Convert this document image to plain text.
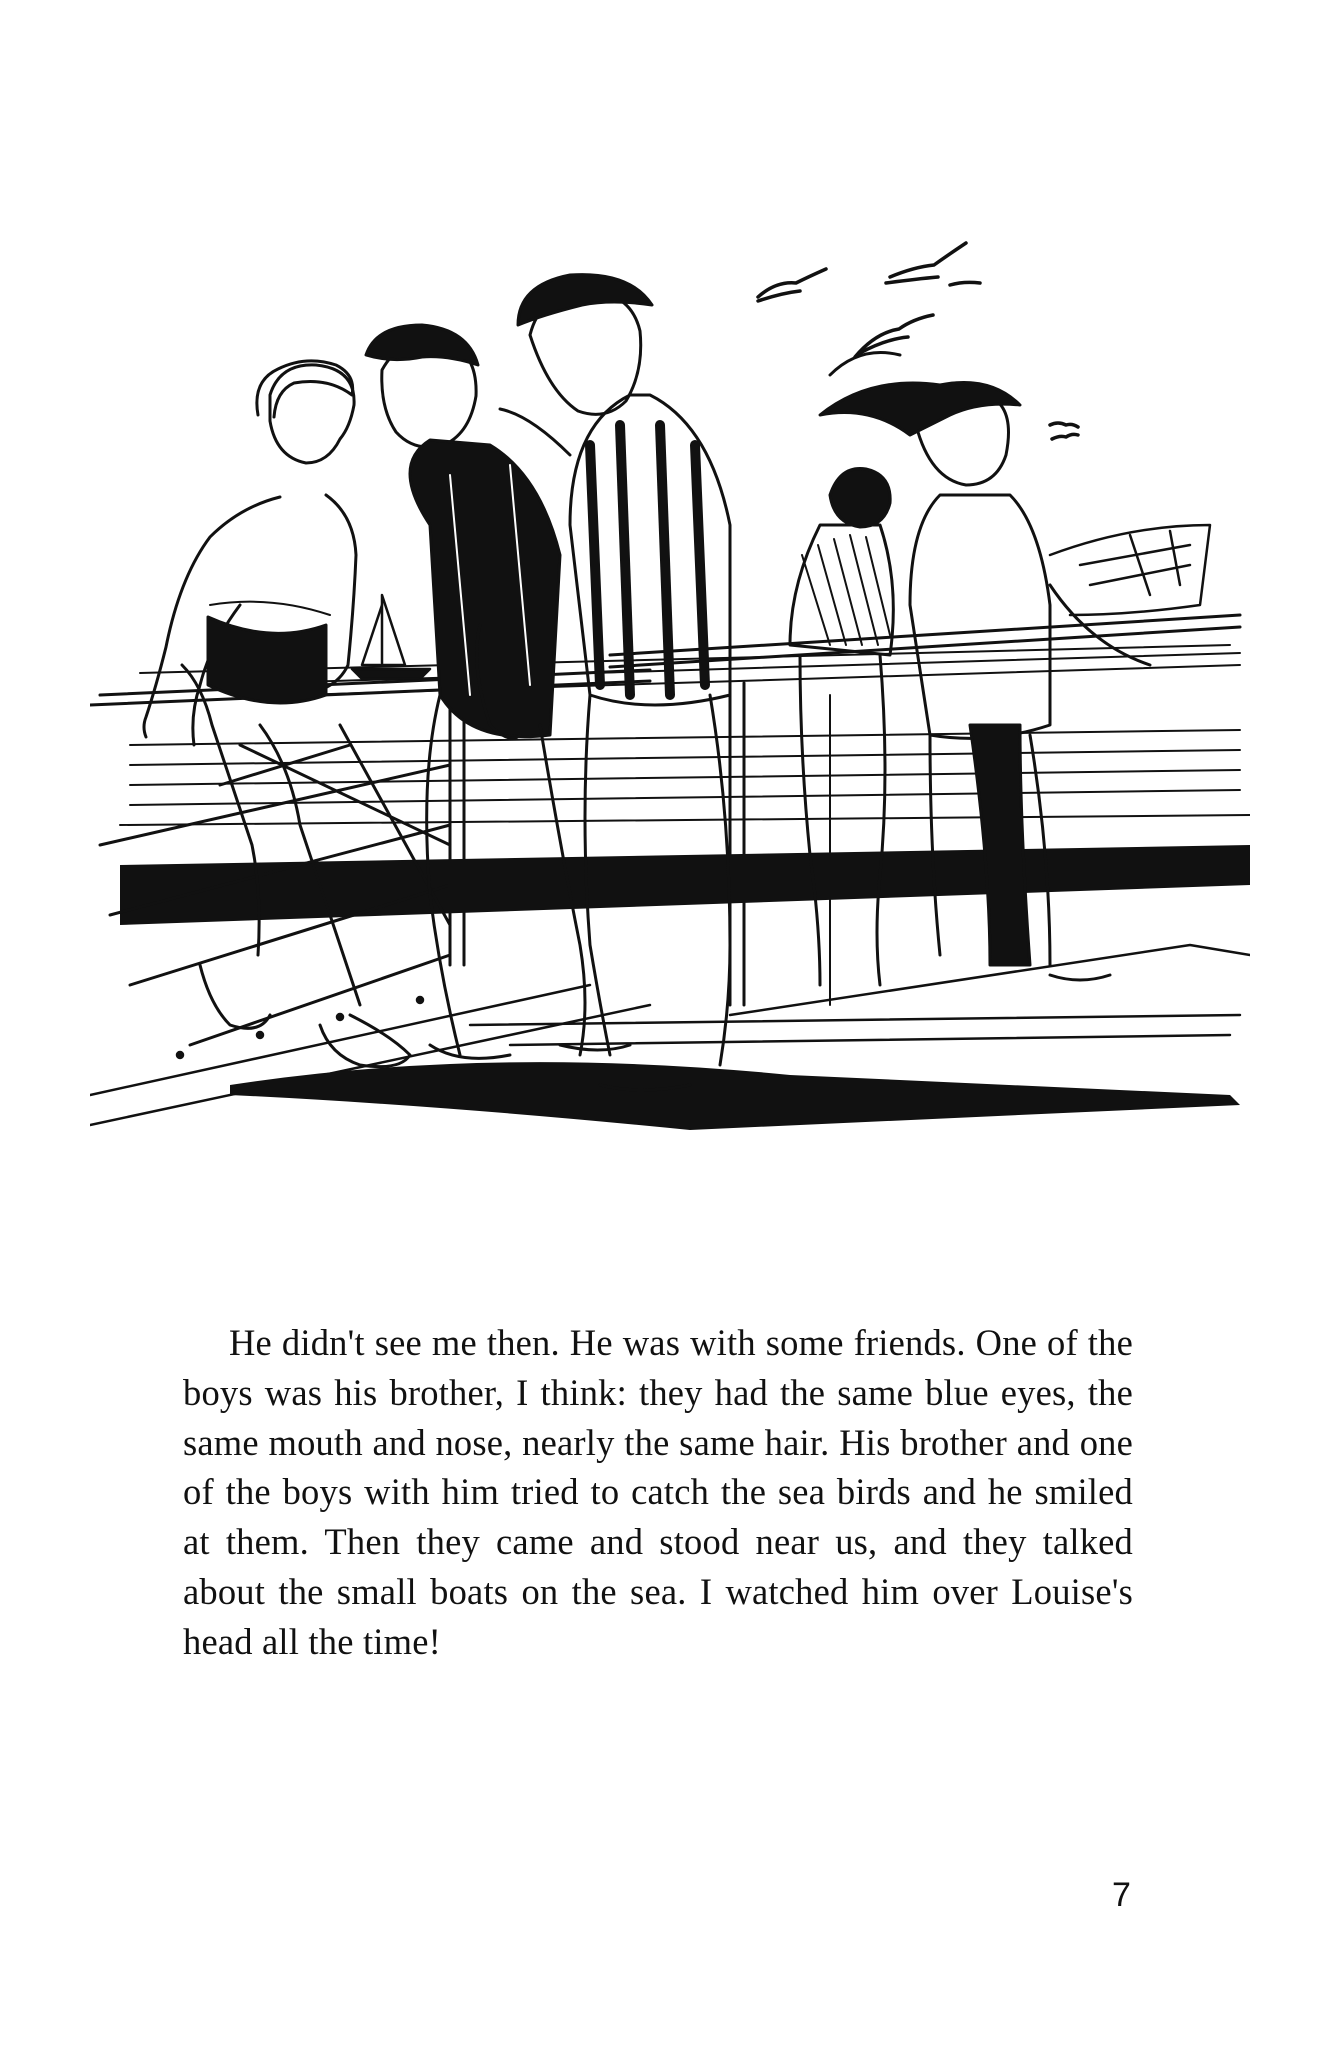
He didn't see me then. He was with some friends. One of the boys was his brother, I think: they had the same blue eyes, the same mouth and nose, nearly the same hair. His brother and one of the boys with him tried to catch the sea birds and he smiled at them. Then they came and stood near us, and they talked about the small boats on the sea. I watched him over Louise's head all the time!

7
